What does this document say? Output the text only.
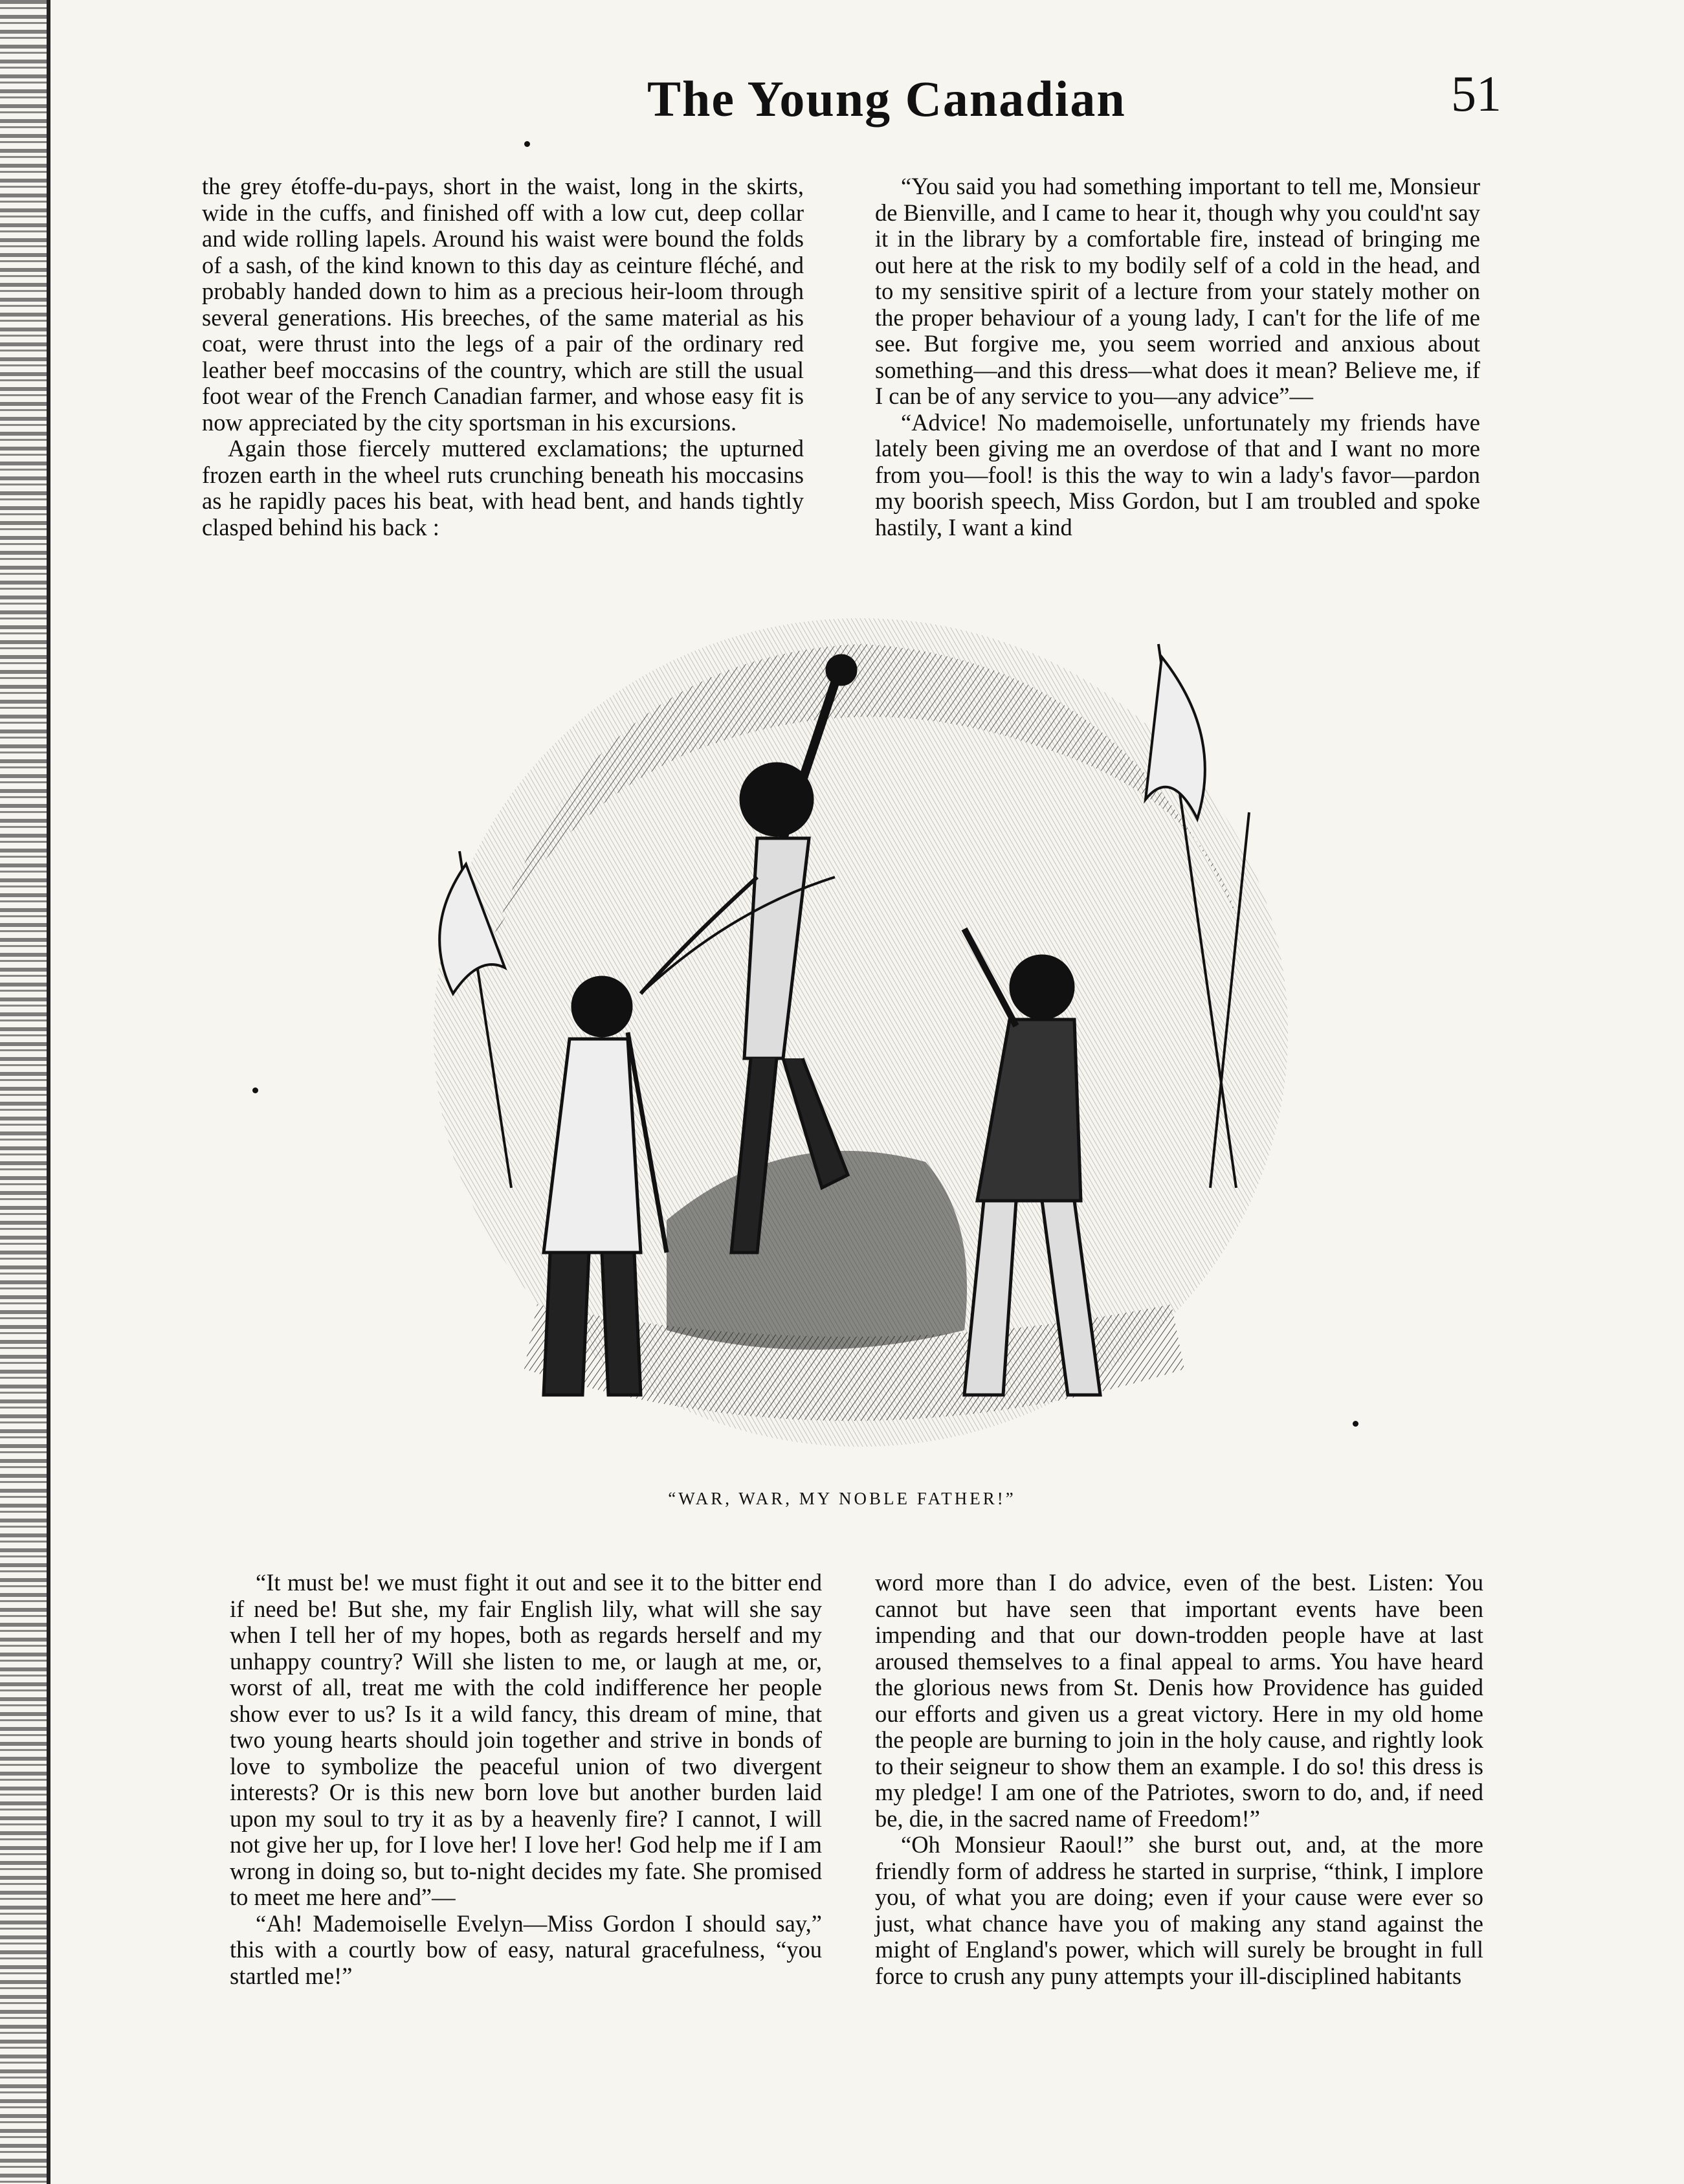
The Young Canadian	51

the grey étoffe-du-pays, short in the waist, long in the skirts, wide in the cuffs, and finished off with a low cut, deep collar and wide rolling lapels. Around his waist were bound the folds of a sash, of the kind known to this day as ceinture fléché, and probably handed down to him as a precious heir-loom through several generations. His breeches, of the same material as his coat, were thrust into the legs of a pair of the ordinary red leather beef moccasins of the country, which are still the usual foot wear of the French Canadian farmer, and whose easy fit is now appreciated by the city sportsman in his excursions.

Again those fiercely muttered exclamations; the upturned frozen earth in the wheel ruts crunching beneath his moccasins as he rapidly paces his beat, with head bent, and hands tightly clasped behind his back :

“You said you had something important to tell me, Monsieur de Bienville, and I came to hear it, though why you could'nt say it in the library by a comfortable fire, instead of bringing me out here at the risk to my bodily self of a cold in the head, and to my sensitive spirit of a lecture from your stately mother on the proper behaviour of a young lady, I can't for the life of me see. But forgive me, you seem worried and anxious about something—and this dress—what does it mean? Believe me, if I can be of any service to you—any advice”—

“Advice! No mademoiselle, unfortunately my friends have lately been giving me an overdose of that and I want no more from you—fool! is this the way to win a lady's favor—pardon my boorish speech, Miss Gordon, but I am troubled and spoke hastily, I want a kind

“WAR, WAR, MY NOBLE FATHER!”

“It must be! we must fight it out and see it to the bitter end if need be! But she, my fair English lily, what will she say when I tell her of my hopes, both as regards herself and my unhappy country? Will she listen to me, or laugh at me, or, worst of all, treat me with the cold indifference her people show ever to us? Is it a wild fancy, this dream of mine, that two young hearts should join together and strive in bonds of love to symbolize the peaceful union of two divergent interests? Or is this new born love but another burden laid upon my soul to try it as by a heavenly fire? I cannot, I will not give her up, for I love her! I love her! God help me if I am wrong in doing so, but to-night decides my fate. She promised to meet me here and”—

“Ah! Mademoiselle Evelyn—Miss Gordon I should say,” this with a courtly bow of easy, natural gracefulness, “you startled me!”

word more than I do advice, even of the best. Listen: You cannot but have seen that important events have been impending and that our down-trodden people have at last aroused themselves to a final appeal to arms. You have heard the glorious news from St. Denis how Providence has guided our efforts and given us a great victory. Here in my old home the people are burning to join in the holy cause, and rightly look to their seigneur to show them an example. I do so! this dress is my pledge! I am one of the Patriotes, sworn to do, and, if need be, die, in the sacred name of Freedom!”

“Oh Monsieur Raoul!” she burst out, and, at the more friendly form of address he started in surprise, “think, I implore you, of what you are doing; even if your cause were ever so just, what chance have you of making any stand against the might of England's power, which will surely be brought in full force to crush any puny attempts your ill-disciplined habitants
